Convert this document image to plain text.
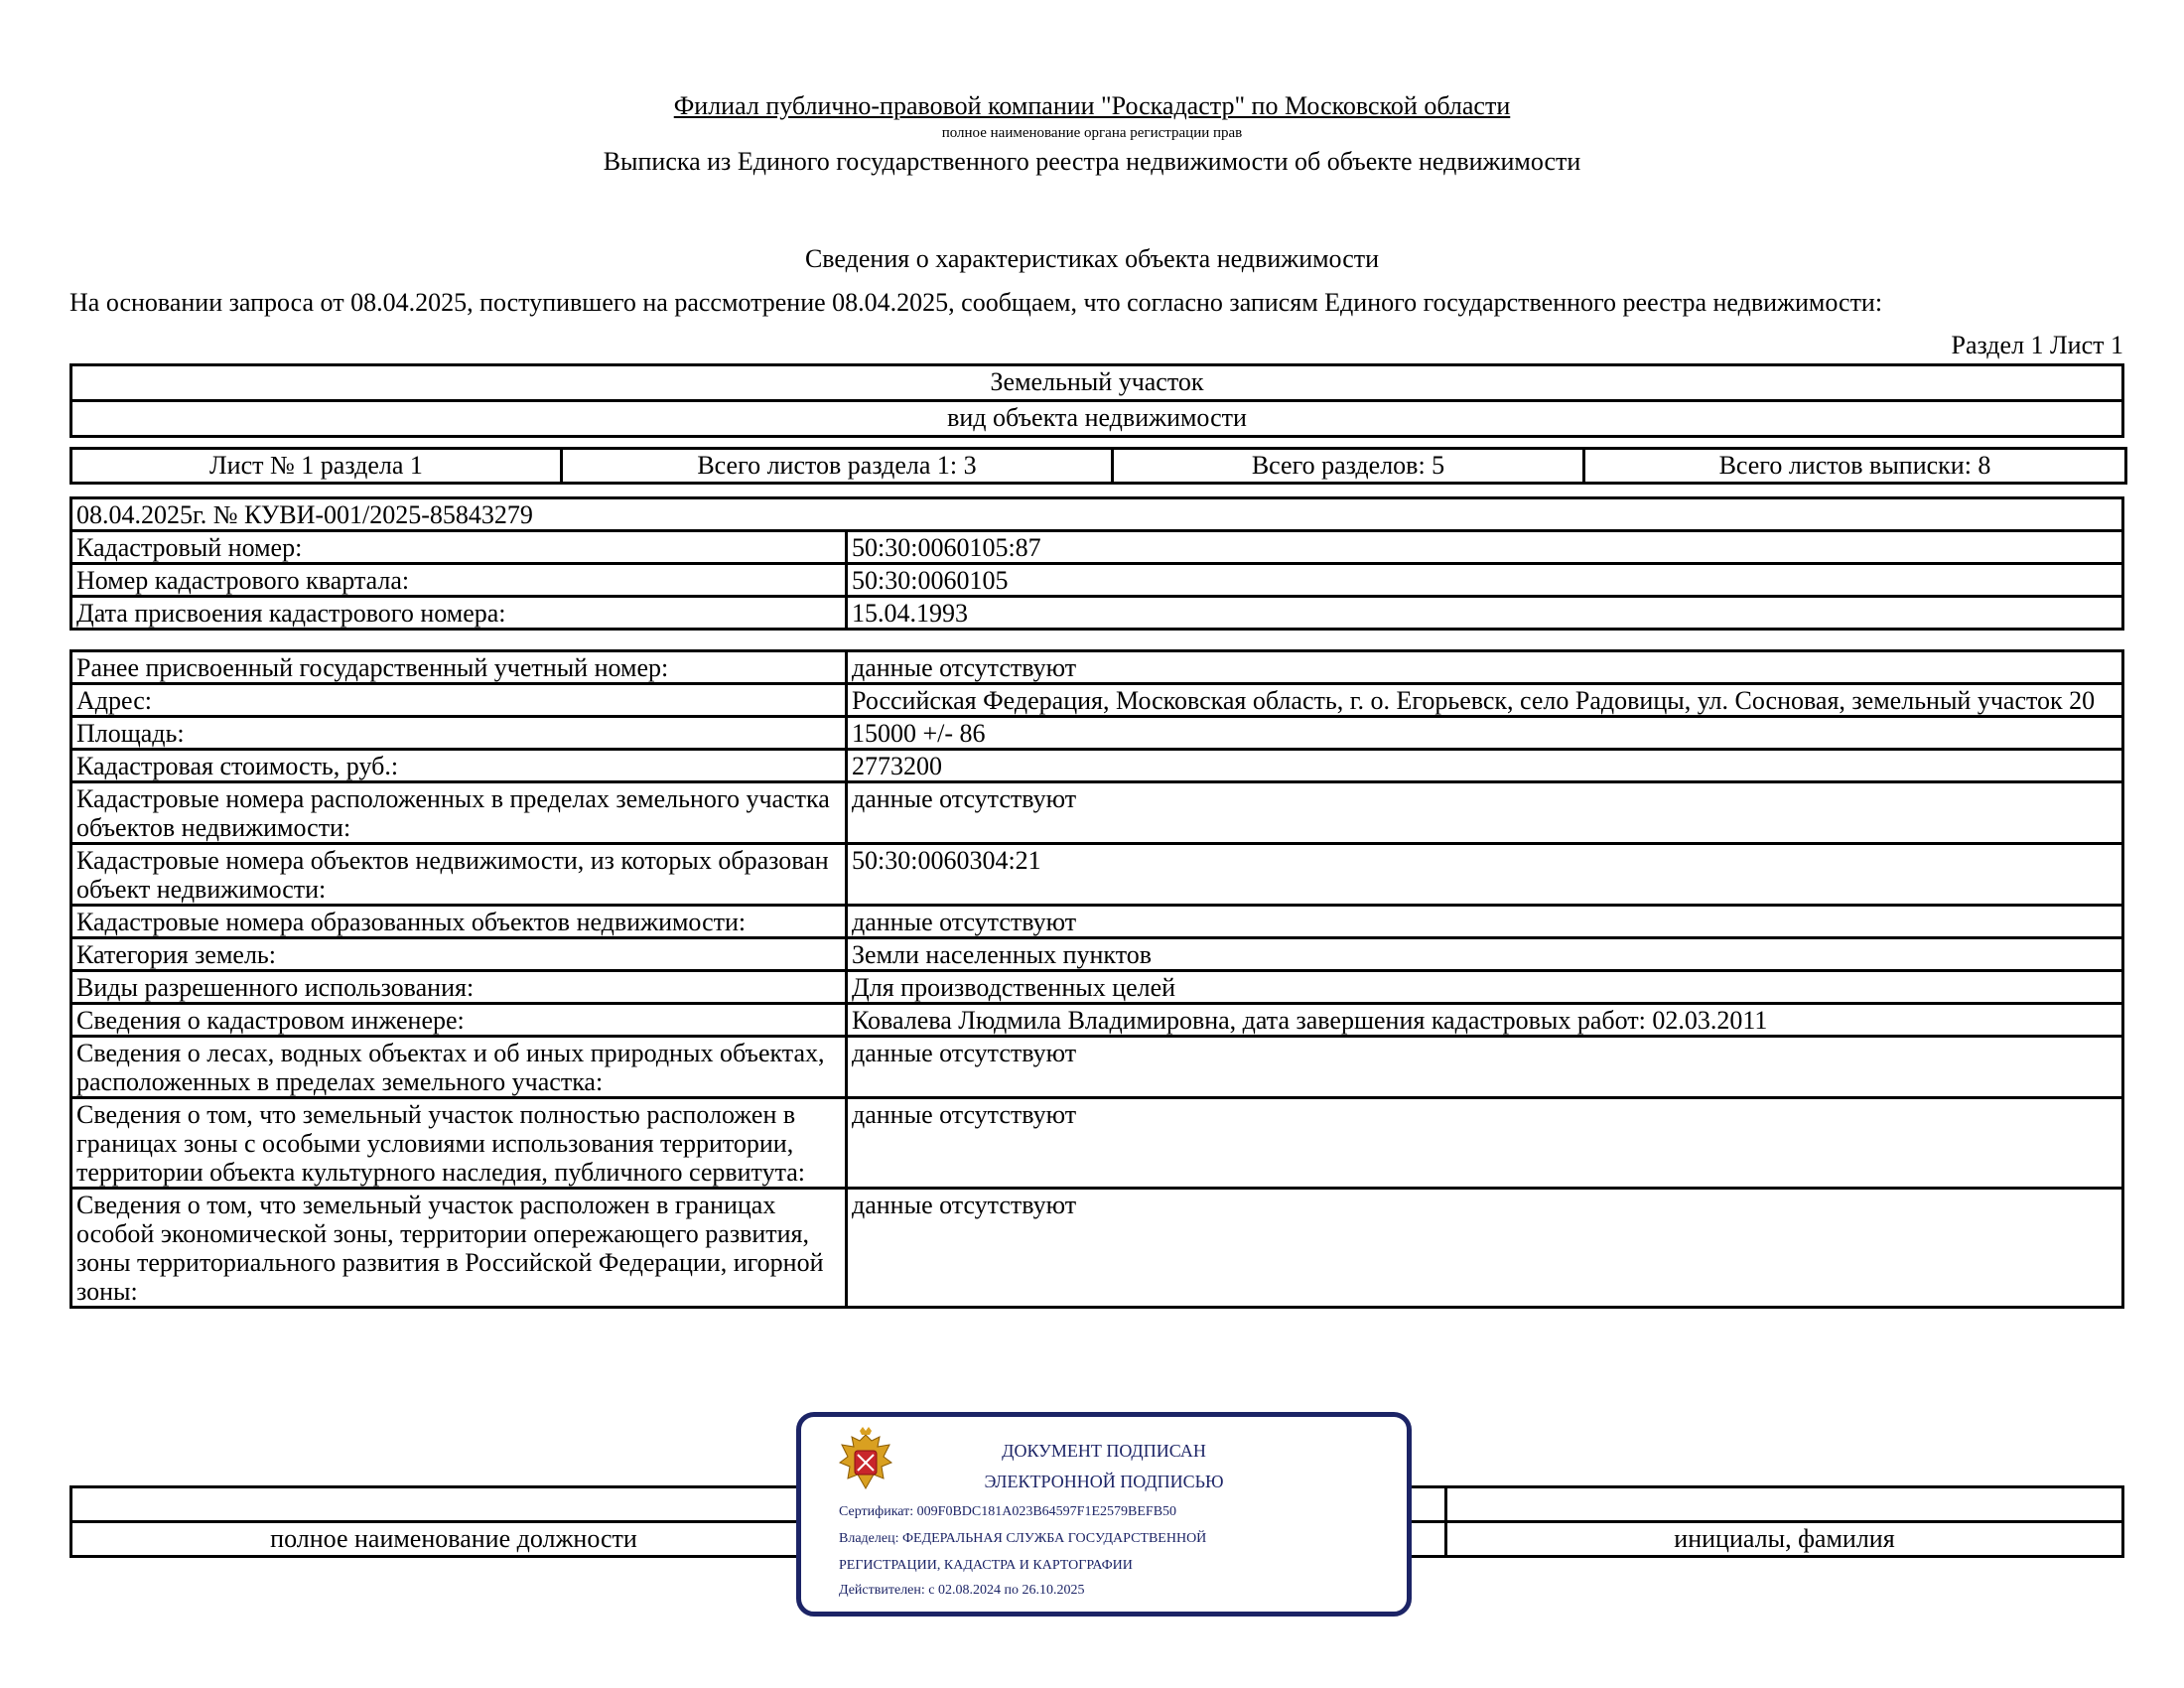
Филиал публично-правовой компании "Роскадастр" по Московской области
полное наименование органа регистрации прав
Выписка из Единого государственного реестра недвижимости об объекте недвижимости
Сведения о характеристиках объекта недвижимости
На основании запроса от 08.04.2025, поступившего на рассмотрение 08.04.2025, сообщаем, что согласно записям Единого государственного реестра недвижимости:
Раздел 1 Лист 1
Земельный участок
вид объекта недвижимости
Лист № 1 раздела 1	Всего листов раздела 1: 3	Всего разделов: 5	Всего листов выписки: 8
08.04.2025г. № КУВИ-001/2025-85843279	
Кадастровый номер:	50:30:0060105:87
Номер кадастрового квартала:	50:30:0060105
Дата присвоения кадастрового номера:	15.04.1993
Ранее присвоенный государственный учетный номер:	данные отсутствуют
Адрес:	Российская Федерация, Московская область, г. о. Егорьевск, село Радовицы, ул. Сосновая, земельный участок 20
Площадь:	15000 +/- 86
Кадастровая стоимость, руб.:	2773200
Кадастровые номера расположенных в пределах земельного участка объектов недвижимости:	данные отсутствуют
Кадастровые номера объектов недвижимости, из которых образован объект недвижимости:	50:30:0060304:21
Кадастровые номера образованных объектов недвижимости:	данные отсутствуют
Категория земель:	Земли населенных пунктов
Виды разрешенного использования:	Для производственных целей
Сведения о кадастровом инженере:	Ковалева Людмила Владимировна, дата завершения кадастровых работ: 02.03.2011
Сведения о лесах, водных объектах и об иных природных объектах, расположенных в пределах земельного участка:	данные отсутствуют
Сведения о том, что земельный участок полностью расположен в границах зоны с особыми условиями использования территории, территории объекта культурного наследия, публичного сервитута:	данные отсутствуют
Сведения о том, что земельный участок расположен в границах особой экономической зоны, территории опережающего развития, зоны территориального развития в Российской Федерации, игорной зоны:	данные отсутствуют

полное наименование должности		инициалы, фамилия
ДОКУМЕНТ ПОДПИСАН
ЭЛЕКТРОННОЙ ПОДПИСЬЮ
Сертификат: 009F0BDC181A023B64597F1E2579BEFB50
Владелец: ФЕДЕРАЛЬНАЯ СЛУЖБА ГОСУДАРСТВЕННОЙ
РЕГИСТРАЦИИ, КАДАСТРА И КАРТОГРАФИИ
Действителен: с 02.08.2024 по 26.10.2025
